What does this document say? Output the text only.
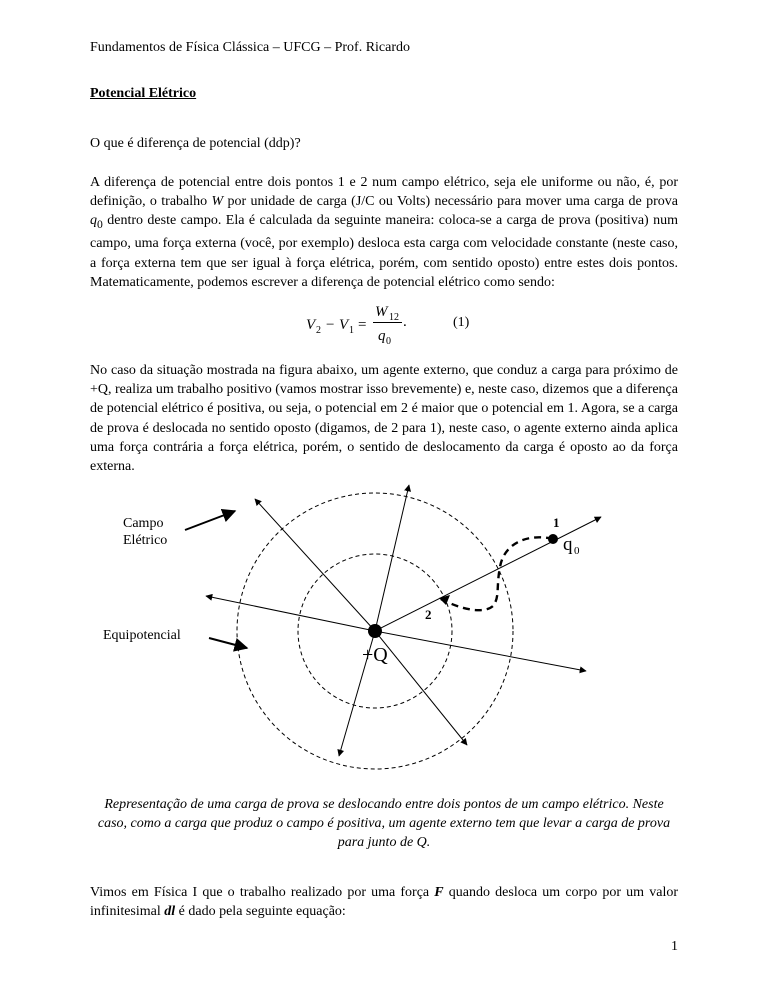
Fundamentos de Física Clássica – UFCG – Prof. Ricardo
Potencial Elétrico
O que é diferença de potencial (ddp)?
A diferença de potencial entre dois pontos 1 e 2 num campo elétrico, seja ele uniforme ou não, é, por definição, o trabalho W por unidade de carga (J/C ou Volts) necessário para mover uma carga de prova $q_0$ dentro deste campo. Ela é calculada da seguinte maneira: coloca-se a carga de prova (positiva) num campo, uma força externa (você, por exemplo) desloca esta carga com velocidade constante (neste caso, a força externa tem que ser igual à força elétrica, porém, com sentido oposto) entre estes dois pontos. Matematicamente, podemos escrever a diferença de potencial elétrico como sendo:
V 2 − V 1 =
W 12
q 0
.	(1)
No caso da situação mostrada na figura abaixo, um agente externo, que conduz a carga para próximo de +Q, realiza um trabalho positivo (vamos mostrar isso brevemente) e, neste caso, dizemos que a diferença de potencial elétrico é positiva, ou seja, o potencial em 2 é maior que o potencial em 1. Agora, se a carga de prova é deslocada no sentido oposto (digamos, de 2 para 1), neste caso, o agente externo ainda aplica uma força contrária a força elétrica, porém, o sentido de deslocamento da carga é oposto ao da força externa.
Campo
Elétrico
Equipotencial
+Q
1
2
q 0
Representação de uma carga de prova se deslocando entre dois pontos de um campo elétrico. Neste caso, como a carga que produz o campo é positiva, um agente externo tem que levar a carga de prova para junto de Q.
Vimos em Física I que o trabalho realizado por uma força F quando desloca um corpo por um valor infinitesimal dl é dado pela seguinte equação:
1
